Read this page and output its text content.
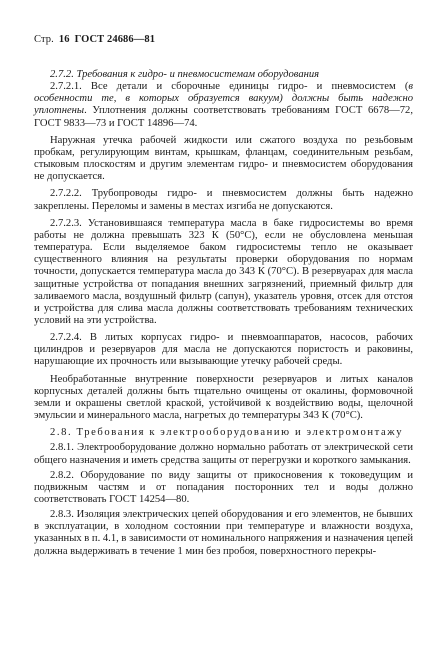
Стр. 16 ГОСТ 24686—81

2.7.2. Требования к гидро- и пневмосистемам оборудования

2.7.2.1. Все детали и сборочные единицы гидро- и пневмосистем (в особенности те, в которых образуется вакуум) должны быть надежно уплотнены. Уплотнения должны соответствовать требованиям ГОСТ 6678—72, ГОСТ 9833—73 и ГОСТ 14896—74.

Наружная утечка рабочей жидкости или сжатого воздуха по резьбовым пробкам, регулирующим винтам, крышкам, фланцам, соединительным резьбам, стыковым плоскостям и другим элементам гидро- и пневмосистем оборудования не допускается.

2.7.2.2. Трубопроводы гидро- и пневмосистем должны быть надежно закреплены. Переломы и замены в местах изгиба не допускаются.

2.7.2.3. Установившаяся температура масла в баке гидросистемы во время работы не должна превышать 323 К (50°С), если не обусловлена меньшая температура. Если выделяемое баком гидросистемы тепло не оказывает существенного влияния на результаты проверки оборудования по нормам точности, допускается температура масла до 343 К (70°С). В резервуарах для масла защитные устройства от попадания внешних загрязнений, приемный фильтр для заливаемого масла, воздушный фильтр (сапун), указатель уровня, отсек для отстоя и устройства для слива масла должны соответствовать требованиям технических условий на эти устройства.

2.7.2.4. В литых корпусах гидро- и пневмоаппаратов, насосов, рабочих цилиндров и резервуаров для масла не допускаются пористость и раковины, нарушающие их прочность или вызывающие утечку рабочей среды.

Необработанные внутренние поверхности резервуаров и литых каналов корпусных деталей должны быть тщательно очищены от окалины, формовочной земли и окрашены светлой краской, устойчивой к воздействию воды, щелочной эмульсии и минерального масла, нагретых до температуры 343 К (70°С).

2.8. Требования к электрооборудованию и электромонтажу

2.8.1. Электрооборудование должно нормально работать от электрической сети общего назначения и иметь средства защиты от перегрузки и короткого замыкания.

2.8.2. Оборудование по виду защиты от прикосновения к токоведущим и подвижным частям и от попадания посторонних тел и воды должно соответствовать ГОСТ 14254—80.

2.8.3. Изоляция электрических цепей оборудования и его элементов, не бывших в эксплуатации, в холодном состоянии при температуре и влажности воздуха, указанных в п. 4.1, в зависимости от номинального напряжения и назначения цепей должна выдерживать в течение 1 мин без пробоя, поверхностного перекры-
